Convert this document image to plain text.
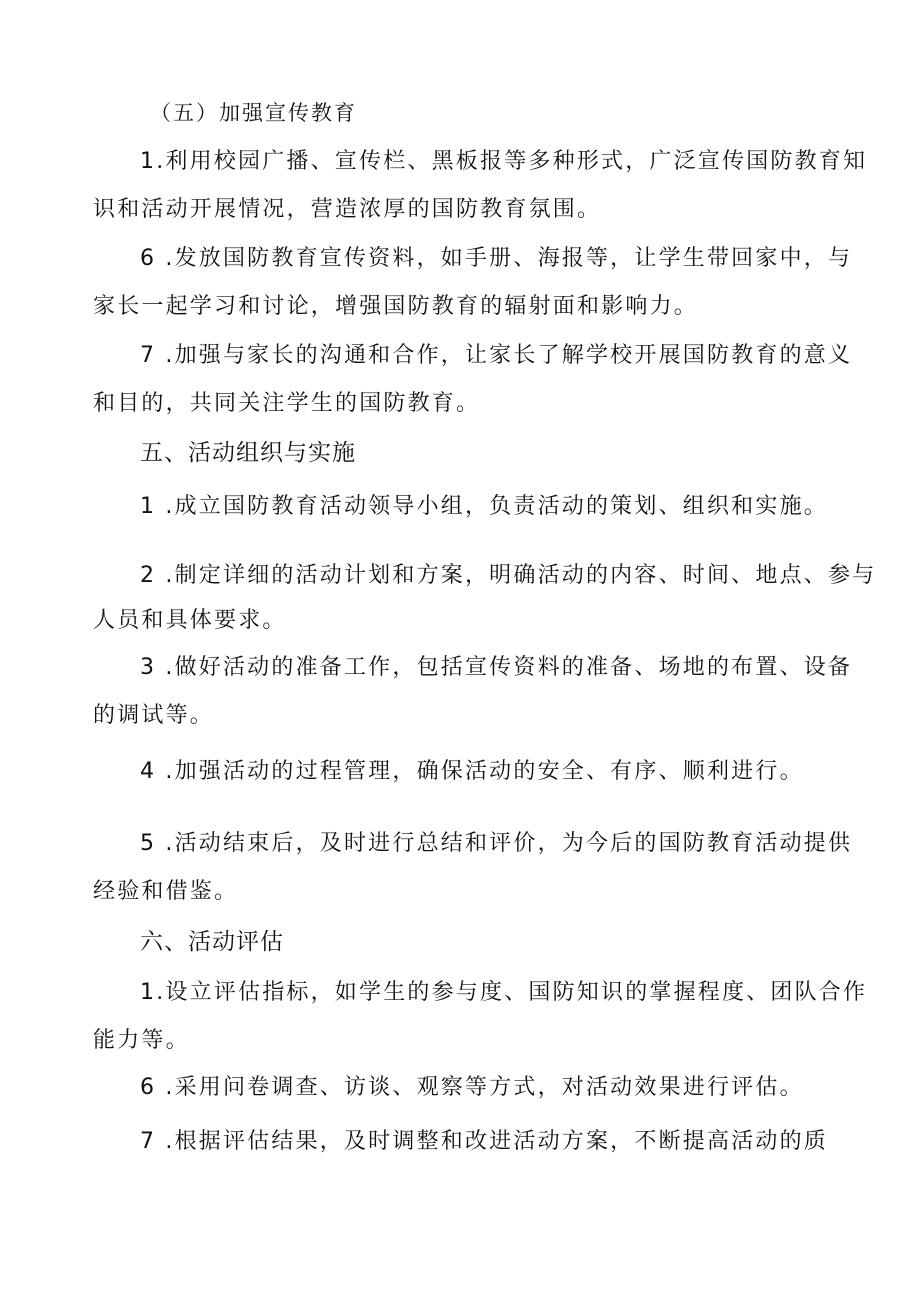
（五）加强宣传教育
1.利用校园广播、宣传栏、黑板报等多种形式，广泛宣传国防教育知
识和活动开展情况，营造浓厚的国防教育氛围。
6 .发放国防教育宣传资料，如手册、海报等，让学生带回家中，与
家长一起学习和讨论，增强国防教育的辐射面和影响力。
7 .加强与家长的沟通和合作，让家长了解学校开展国防教育的意义
和目的，共同关注学生的国防教育。
五、活动组织与实施
1 .成立国防教育活动领导小组，负责活动的策划、组织和实施。
2 .制定详细的活动计划和方案，明确活动的内容、时间、地点、参与
人员和具体要求。
3 .做好活动的准备工作，包括宣传资料的准备、场地的布置、设备
的调试等。
4 .加强活动的过程管理，确保活动的安全、有序、顺利进行。
5 .活动结束后，及时进行总结和评价，为今后的国防教育活动提供
经验和借鉴。
六、活动评估
1.设立评估指标，如学生的参与度、国防知识的掌握程度、团队合作
能力等。
6 .采用问卷调查、访谈、观察等方式，对活动效果进行评估。
7 .根据评估结果，及时调整和改进活动方案，不断提高活动的质
